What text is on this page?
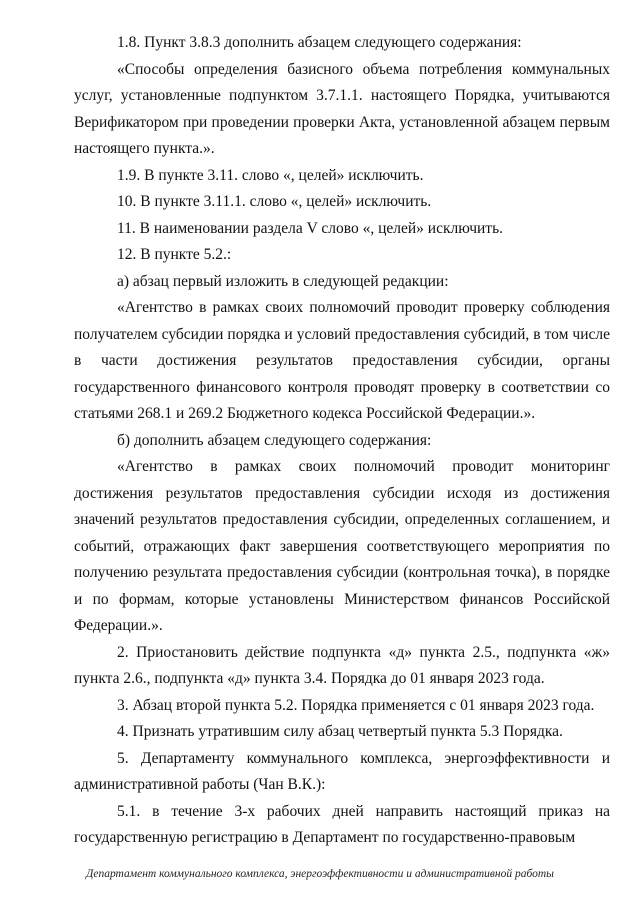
1.8. Пункт 3.8.3 дополнить абзацем следующего содержания:

«Способы определения базисного объема потребления коммунальных услуг, установленные подпунктом 3.7.1.1. настоящего Порядка, учитываются Верификатором при проведении проверки Акта, установленной абзацем первым настоящего пункта.».

1.9. В пункте 3.11. слово «, целей» исключить.

10. В пункте 3.11.1. слово «, целей» исключить.

11. В наименовании раздела V слово «, целей» исключить.

12. В пункте 5.2.:

а) абзац первый изложить в следующей редакции:

«Агентство в рамках своих полномочий проводит проверку соблюдения получателем субсидии порядка и условий предоставления субсидий, в том числе в части достижения результатов предоставления субсидии, органы государственного финансового контроля проводят проверку в соответствии со статьями 268.1 и 269.2 Бюджетного кодекса Российской Федерации.».

б) дополнить абзацем следующего содержания:

«Агентство в рамках своих полномочий проводит мониторинг достижения результатов предоставления субсидии исходя из достижения значений результатов предоставления субсидии, определенных соглашением, и событий, отражающих факт завершения соответствующего мероприятия по получению результата предоставления субсидии (контрольная точка), в порядке и по формам, которые установлены Министерством финансов Российской Федерации.».

2. Приостановить действие подпункта «д» пункта 2.5., подпункта «ж» пункта 2.6., подпункта «д» пункта 3.4. Порядка до 01 января 2023 года.

3. Абзац второй пункта 5.2. Порядка применяется с 01 января 2023 года.

4. Признать утратившим силу абзац четвертый пункта 5.3 Порядка.

5. Департаменту коммунального комплекса, энергоэффективности и административной работы (Чан В.К.):

5.1. в течение 3-х рабочих дней направить настоящий приказ на государственную регистрацию в Департамент по государственно-правовым

Департамент коммунального комплекса, энергоэффективности и административной работы
